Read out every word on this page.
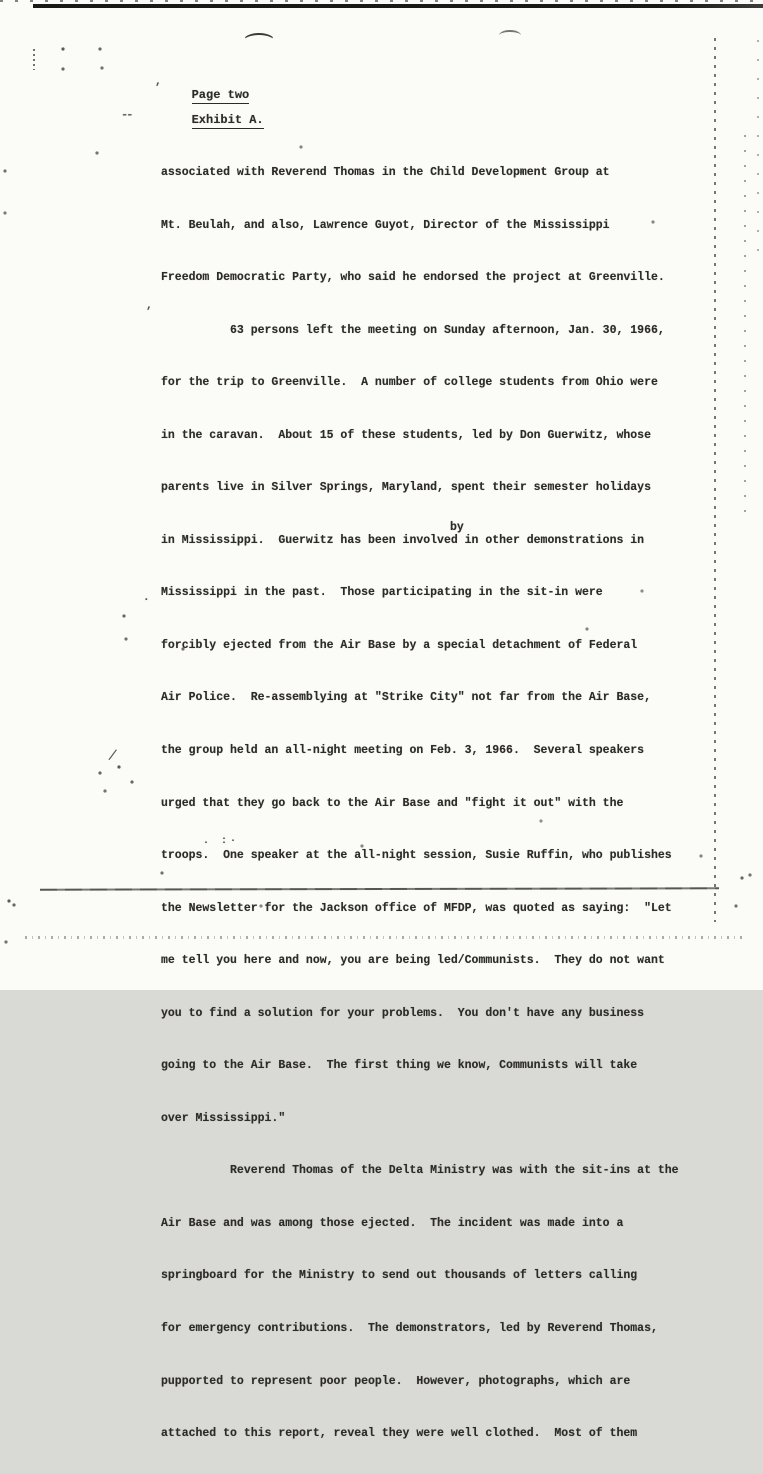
Page two

Exhibit A.

,
--
,
.
. :·
/
by

associated with Reverend Thomas in the Child Development Group at

Mt. Beulah, and also, Lawrence Guyot, Director of the Mississippi

Freedom Democratic Party, who said he endorsed the project at Greenville.

63 persons left the meeting on Sunday afternoon, Jan. 30, 1966,

for the trip to Greenville.  A number of college students from Ohio were

in the caravan.  About 15 of these students, led by Don Guerwitz, whose

parents live in Silver Springs, Maryland, spent their semester holidays

in Mississippi.  Guerwitz has been involved in other demonstrations in

Mississippi in the past.  Those participating in the sit-in were

forcibly ejected from the Air Base by a special detachment of Federal

Air Police.  Re-assemblying at "Strike City" not far from the Air Base,

the group held an all-night meeting on Feb. 3, 1966.  Several speakers

urged that they go back to the Air Base and "fight it out" with the

troops.  One speaker at the all-night session, Susie Ruffin, who publishes

the Newsletter for the Jackson office of MFDP, was quoted as saying:  "Let

me tell you here and now, you are being led/Communists.  They do not want

you to find a solution for your problems.  You don't have any business

going to the Air Base.  The first thing we know, Communists will take

over Mississippi."

Reverend Thomas of the Delta Ministry was with the sit-ins at the

Air Base and was among those ejected.  The incident was made into a

springboard for the Ministry to send out thousands of letters calling

for emergency contributions.  The demonstrators, led by Reverend Thomas,

pupported to represent poor people.  However, photographs, which are

attached to this report, reveal they were well clothed.  Most of them
